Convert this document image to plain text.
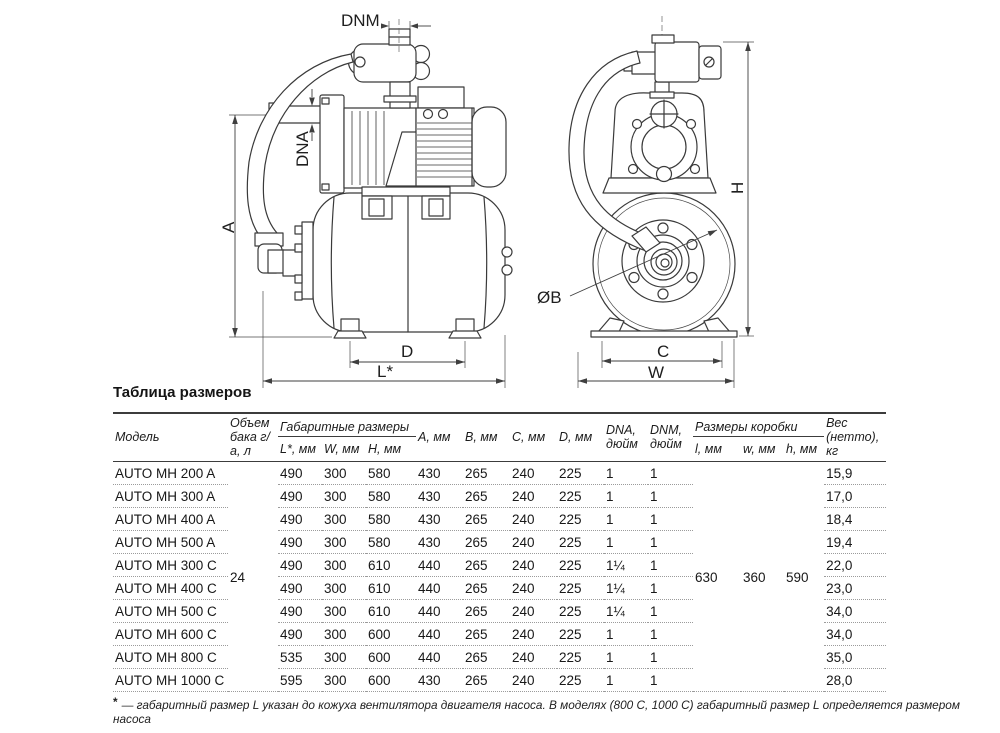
DNM
DNA
A
D
L*
H
ØB
C
W
Таблица размеров
Модель	Объем бака г/а, л	Габаритные размеры			A, мм	B, мм	C, мм	D, мм	DNA, дюйм	DNM, дюйм	Размеры коробки			Вес (нетто), кг
		L*, мм	W, мм	H, мм							l, мм	w, мм	h, мм	
AUTO MH 200 A	24	490	300	580	430	265	240	225	1	1	630	360	590	15,9
AUTO MH 300 A		490	300	580	430	265	240	225	1	1				17,0
AUTO MH 400 A		490	300	580	430	265	240	225	1	1				18,4
AUTO MH 500 A		490	300	580	430	265	240	225	1	1				19,4
AUTO MH 300 C		490	300	610	440	265	240	225	1¼	1				22,0
AUTO MH 400 C		490	300	610	440	265	240	225	1¼	1				23,0
AUTO MH 500 C		490	300	610	440	265	240	225	1¼	1				34,0
AUTO MH 600 C		490	300	600	440	265	240	225	1	1				34,0
AUTO MH 800 C		535	300	600	440	265	240	225	1	1				35,0
AUTO MH 1000 C		595	300	600	430	265	240	225	1	1				28,0
* — габаритный размер L указан до кожуха вентилятора двигателя насоса. В моделях (800 С, 1000 С) габаритный размер L определяется размером насоса
